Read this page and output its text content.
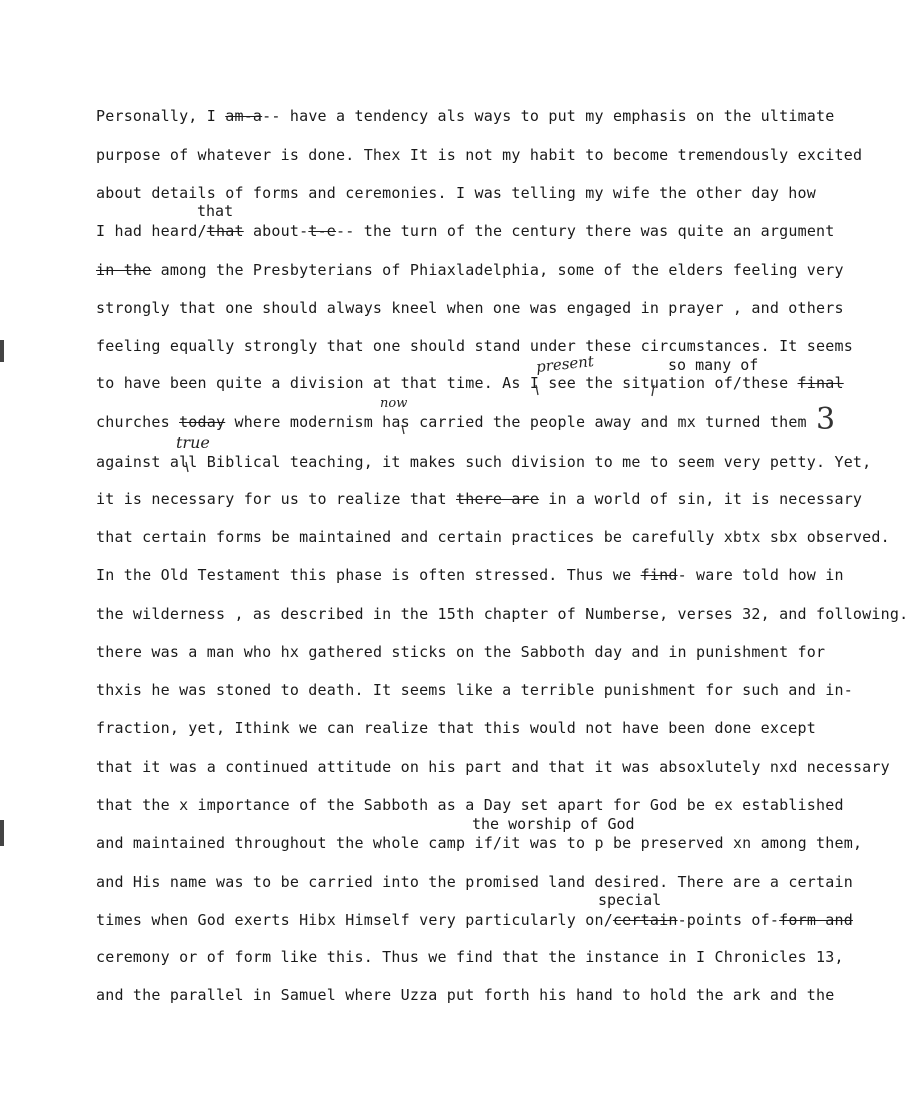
Personally, I am-a-- have a tendency als ways to put my emphasis on the ultimate
purpose of whatever is done. Thex It is not my habit to become tremendously excited
about details of forms and ceremonies. I was telling my wife the other day how
I had heard/that about-t-e-- the turn of the century there was quite an argument
in the among the Presbyterians of Phiaxladelphia, some of the elders feeling very
strongly that one should always kneel when one was engaged in prayer , and others
feeling equally strongly that one should stand under these circumstances. It seems
to have been quite a division at that time. As I see the situation of/these final
churches today where modernism has carried the people away and mx turned them
against all Biblical teaching, it makes such division to me to seem very petty. Yet,
it is necessary for us to realize that there are in a world of sin, it is necessary
that certain forms be maintained and certain practices be carefully xbtx sbx observed.
In the Old Testament this phase is often stressed. Thus we find- ware told how in
the wilderness , as described in the 15th chapter of Numberse, verses 32, and following.
there was a man who hx gathered sticks on the Sabboth day and in punishment for
thxis he was stoned to death. It seems like a terrible punishment for such and in-
fraction, yet, Ithink we can realize that this would not have been done except
that it was a continued attitude on his part and that it was absoxlutely nxd necessary
that the x importance of the Sabboth as a Day set apart for God be ex established
and maintained throughout the whole camp if/it was to p be preserved xn among them,
and His name was to be carried into the promised land desired. There are a certain
times when God exerts Hibx Himself very particularly on/certain-points of-form and
ceremony or of form like this. Thus we find that the instance in I Chronicles 13,
and the parallel in Samuel where Uzza put forth his hand to hold the ark and the
that
so many of
the worship of God
special
present
now
true
3
